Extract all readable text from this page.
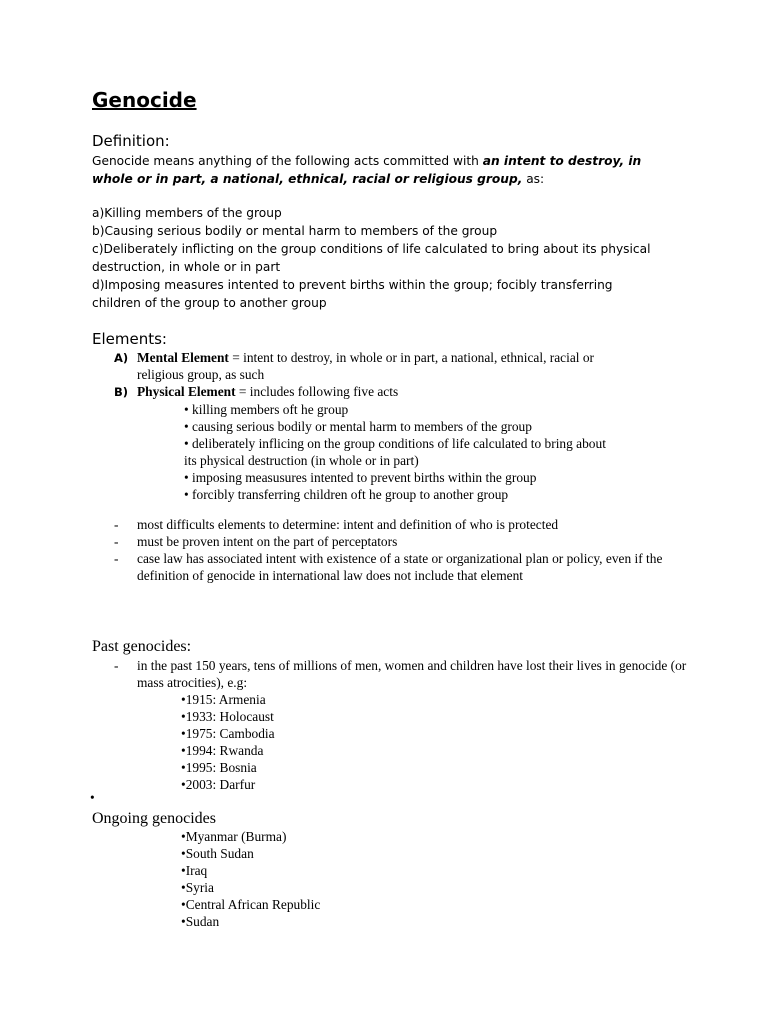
Genocide
Definition:
Genocide means anything of the following acts committed with an intent to destroy, in
whole or in part, a national, ethnical, racial or religious group, as:
a)Killing members of the group
b)Causing serious bodily or mental harm to members of the group
c)Deliberately inflicting on the group conditions of life calculated to bring about its physical
destruction, in whole or in part
d)Imposing measures intented to prevent births within the group; focibly transferring
children of the group to another group
Elements:
A) Mental Element = intent to destroy, in whole or in part, a national, ethnical, racial or
religious group, as such
B) Physical Element = includes following five acts
• killing members oft he group
• causing serious bodily or mental harm to members of the group
• deliberately inflicing on the group conditions of life calculated to bring about
its physical destruction (in whole or in part)
• imposing measusures intented to prevent births within the group
• forcibly transferring children oft he group to another group
-	most difficults elements to determine: intent and definition of who is protected
-	must be proven intent on the part of perceptators
-	case law has associated intent with existence of a state or organizational plan or policy, even if the definition of genocide in international law does not include that element
Past genocides:
-	in the past 150 years, tens of millions of men, women and children have lost their lives in genocide (or mass atrocities), e.g:
•1915: Armenia
•1933: Holocaust
•1975: Cambodia
•1994: Rwanda
•1995: Bosnia
•2003: Darfur
•
Ongoing genocides
•Myanmar (Burma)
•South Sudan
•Iraq
•Syria
•Central African Republic
•Sudan
